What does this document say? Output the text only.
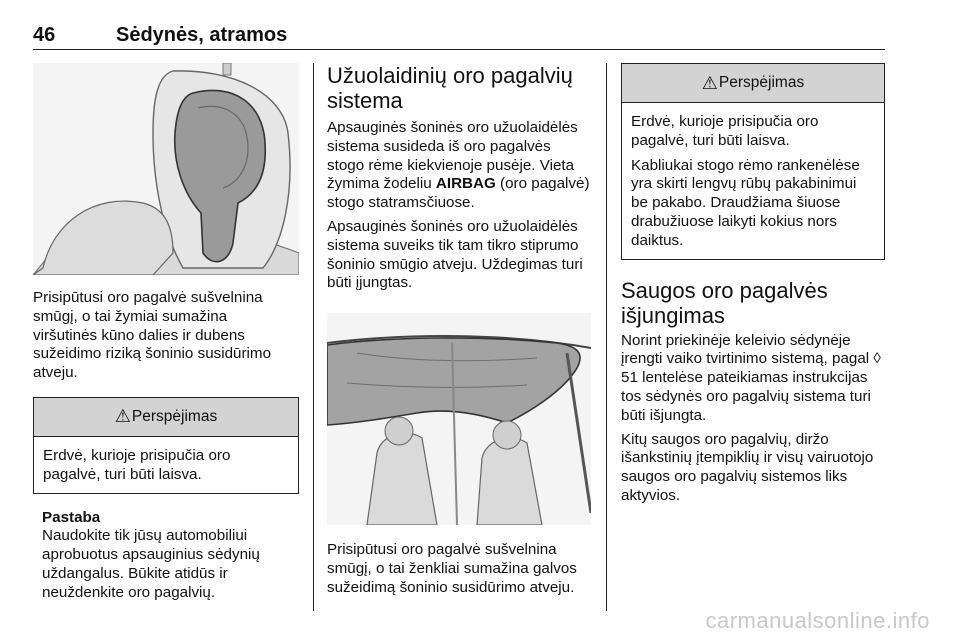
46	Sėdynės, atramos

Prisipūtusi oro pagalvė sušvelnina smūgį, o tai žymiai sumažina viršutinės kūno dalies ir dubens sužeidimo riziką šoninio susidūrimo atveju.

⚠ Perspėjimas

Erdvė, kurioje prisipučia oro pagalvė, turi būti laisva.

Pastaba

Naudokite tik jūsų automobiliui aprobuotus apsauginius sėdynių uždangalus. Būkite atidūs ir neuždenkite oro pagalvių.

Užuolaidinių oro pagalvių sistema

Apsauginės šoninės oro užuolaidėlės sistema susideda iš oro pagalvės stogo rėme kiekvienoje pusėje. Vieta žymima žodeliu AIRBAG (oro pagalvė) stogo statramsčiuose.

Apsauginės šoninės oro užuolaidėlės sistema suveiks tik tam tikro stiprumo šoninio smūgio atveju. Uždegimas turi būti įjungtas.

Prisipūtusi oro pagalvė sušvelnina smūgį, o tai ženkliai sumažina galvos sužeidimą šoninio susidūrimo atveju.

⚠ Perspėjimas

Erdvė, kurioje prisipučia oro pagalvė, turi būti laisva.

Kabliukai stogo rėmo rankenėlėse yra skirti lengvų rūbų pakabinimui be pakabo. Draudžiama šiuose drabužiuose laikyti kokius nors daiktus.

Saugos oro pagalvės išjungimas

Norint priekinėje keleivio sėdynėje įrengti vaiko tvirtinimo sistemą, pagal ◊ 51 lentelėse pateikiamas instrukcijas tos sėdynės oro pagalvių sistema turi būti išjungta.

Kitų saugos oro pagalvių, diržo išankstinių įtempiklių ir visų vairuotojo saugos oro pagalvių sistemos liks aktyvios.

carmanualsonline.info
